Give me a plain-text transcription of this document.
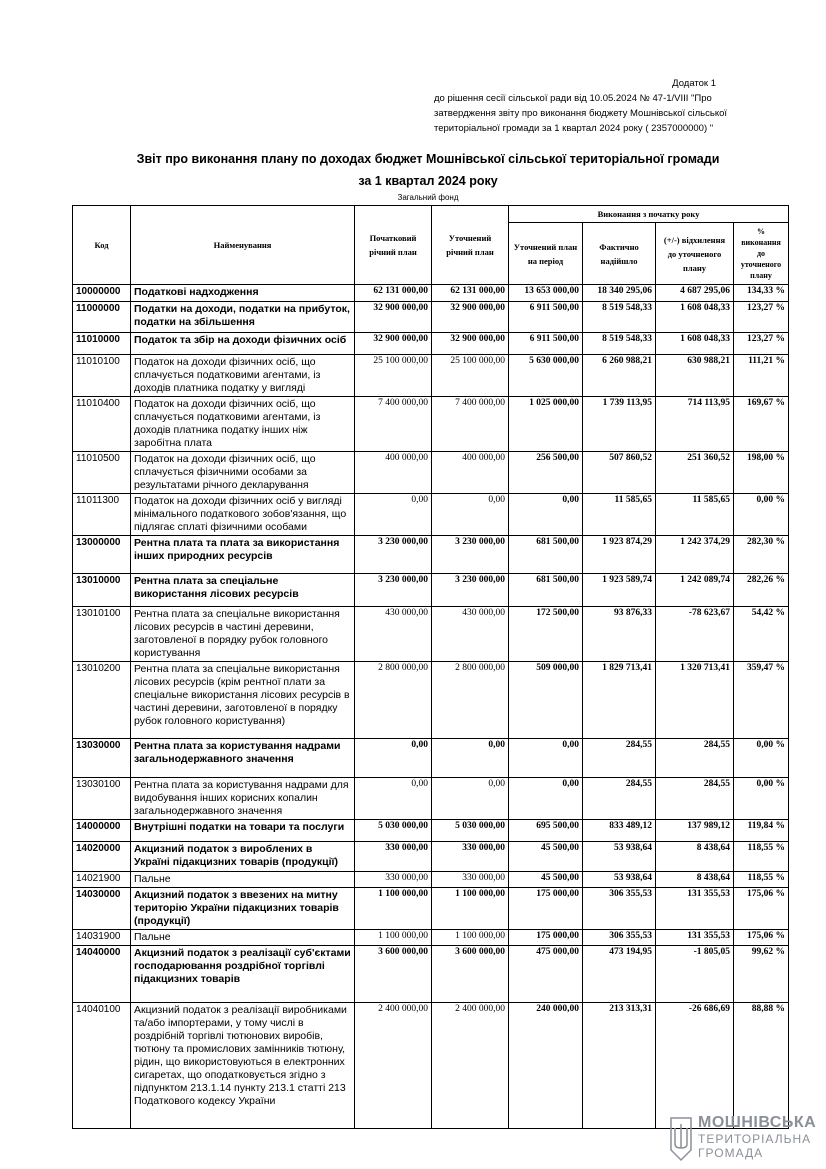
Додаток 1
до рішення сесії сільської ради від 10.05.2024 № 47-1/VIII "Про затвердження звіту про виконання бюджету Мошнівської сільської територіальної громади за 1 квартал 2024 року ( 2357000000) "
Звіт про виконання плану по доходах бюджет Мошнівської сільської територіальної громади
за 1 квартал 2024 року
Загальний фонд
Код	Найменування	Початковий річний план	Уточнений річний план	Виконання з початку року			
				Уточнений план на період	Фактично надійшло	(+/-) відхилення до уточненого плану	% виконання до уточненого плану
10000000	Податкові надходження	62 131 000,00	62 131 000,00	13 653 000,00	18 340 295,06	4 687 295,06	134,33 %
11000000	Податки на доходи, податки на прибуток, податки на збільшення	32 900 000,00	32 900 000,00	6 911 500,00	8 519 548,33	1 608 048,33	123,27 %
11010000	Податок та збір на доходи фізичних осіб	32 900 000,00	32 900 000,00	6 911 500,00	8 519 548,33	1 608 048,33	123,27 %
11010100	Податок на доходи фізичних осіб, що сплачується податковими агентами, із доходів платника податку у вигляді	25 100 000,00	25 100 000,00	5 630 000,00	6 260 988,21	630 988,21	111,21 %
11010400	Податок на доходи фізичних осіб, що сплачується податковими агентами, із доходів платника податку інших ніж заробітна плата	7 400 000,00	7 400 000,00	1 025 000,00	1 739 113,95	714 113,95	169,67 %
11010500	Податок на доходи фізичних осіб, що сплачується фізичними особами за результатами річного декларування	400 000,00	400 000,00	256 500,00	507 860,52	251 360,52	198,00 %
11011300	Податок на доходи фізичних осіб у вигляді мінімального податкового зобов'язання, що підлягає сплаті фізичними особами	0,00	0,00	0,00	11 585,65	11 585,65	0,00 %
13000000	Рентна плата та плата за використання інших природних ресурсів	3 230 000,00	3 230 000,00	681 500,00	1 923 874,29	1 242 374,29	282,30 %
13010000	Рентна плата за спеціальне використання лісових ресурсів	3 230 000,00	3 230 000,00	681 500,00	1 923 589,74	1 242 089,74	282,26 %
13010100	Рентна плата за спеціальне використання лісових ресурсів в частині деревини, заготовленої в порядку рубок головного користування	430 000,00	430 000,00	172 500,00	93 876,33	-78 623,67	54,42 %
13010200	Рентна плата за спеціальне використання лісових ресурсів (крім рентної плати за спеціальне використання лісових ресурсів в частині деревини, заготовленої в порядку рубок головного користування)	2 800 000,00	2 800 000,00	509 000,00	1 829 713,41	1 320 713,41	359,47 %
13030000	Рентна плата за користування надрами загальнодержавного значення	0,00	0,00	0,00	284,55	284,55	0,00 %
13030100	Рентна плата за користування надрами для видобування інших корисних копалин загальнодержавного значення	0,00	0,00	0,00	284,55	284,55	0,00 %
14000000	Внутрішні податки на товари та послуги	5 030 000,00	5 030 000,00	695 500,00	833 489,12	137 989,12	119,84 %
14020000	Акцизний податок з вироблених в Україні підакцизних товарів (продукції)	330 000,00	330 000,00	45 500,00	53 938,64	8 438,64	118,55 %
14021900	Пальне	330 000,00	330 000,00	45 500,00	53 938,64	8 438,64	118,55 %
14030000	Акцизний податок з ввезених на митну територію України підакцизних товарів (продукції)	1 100 000,00	1 100 000,00	175 000,00	306 355,53	131 355,53	175,06 %
14031900	Пальне	1 100 000,00	1 100 000,00	175 000,00	306 355,53	131 355,53	175,06 %
14040000	Акцизний податок з реалізації суб'єктами господарювання роздрібної торгівлі підакцизних товарів	3 600 000,00	3 600 000,00	475 000,00	473 194,95	-1 805,05	99,62 %
14040100	Акцизний податок з реалізації виробниками та/або імпортерами, у тому числі в роздрібній торгівлі тютюнових виробів, тютюну та промислових замінників тютюну, рідин, що використовуються в електронних сигаретах, що оподатковується згідно з підпунктом 213.1.14 пункту 213.1 статті 213 Податкового кодексу України	2 400 000,00	2 400 000,00	240 000,00	213 313,31	-26 686,69	88,88 %
МОШНІВСЬКА
ТЕРИТОРІАЛЬНА
ГРОМАДА
